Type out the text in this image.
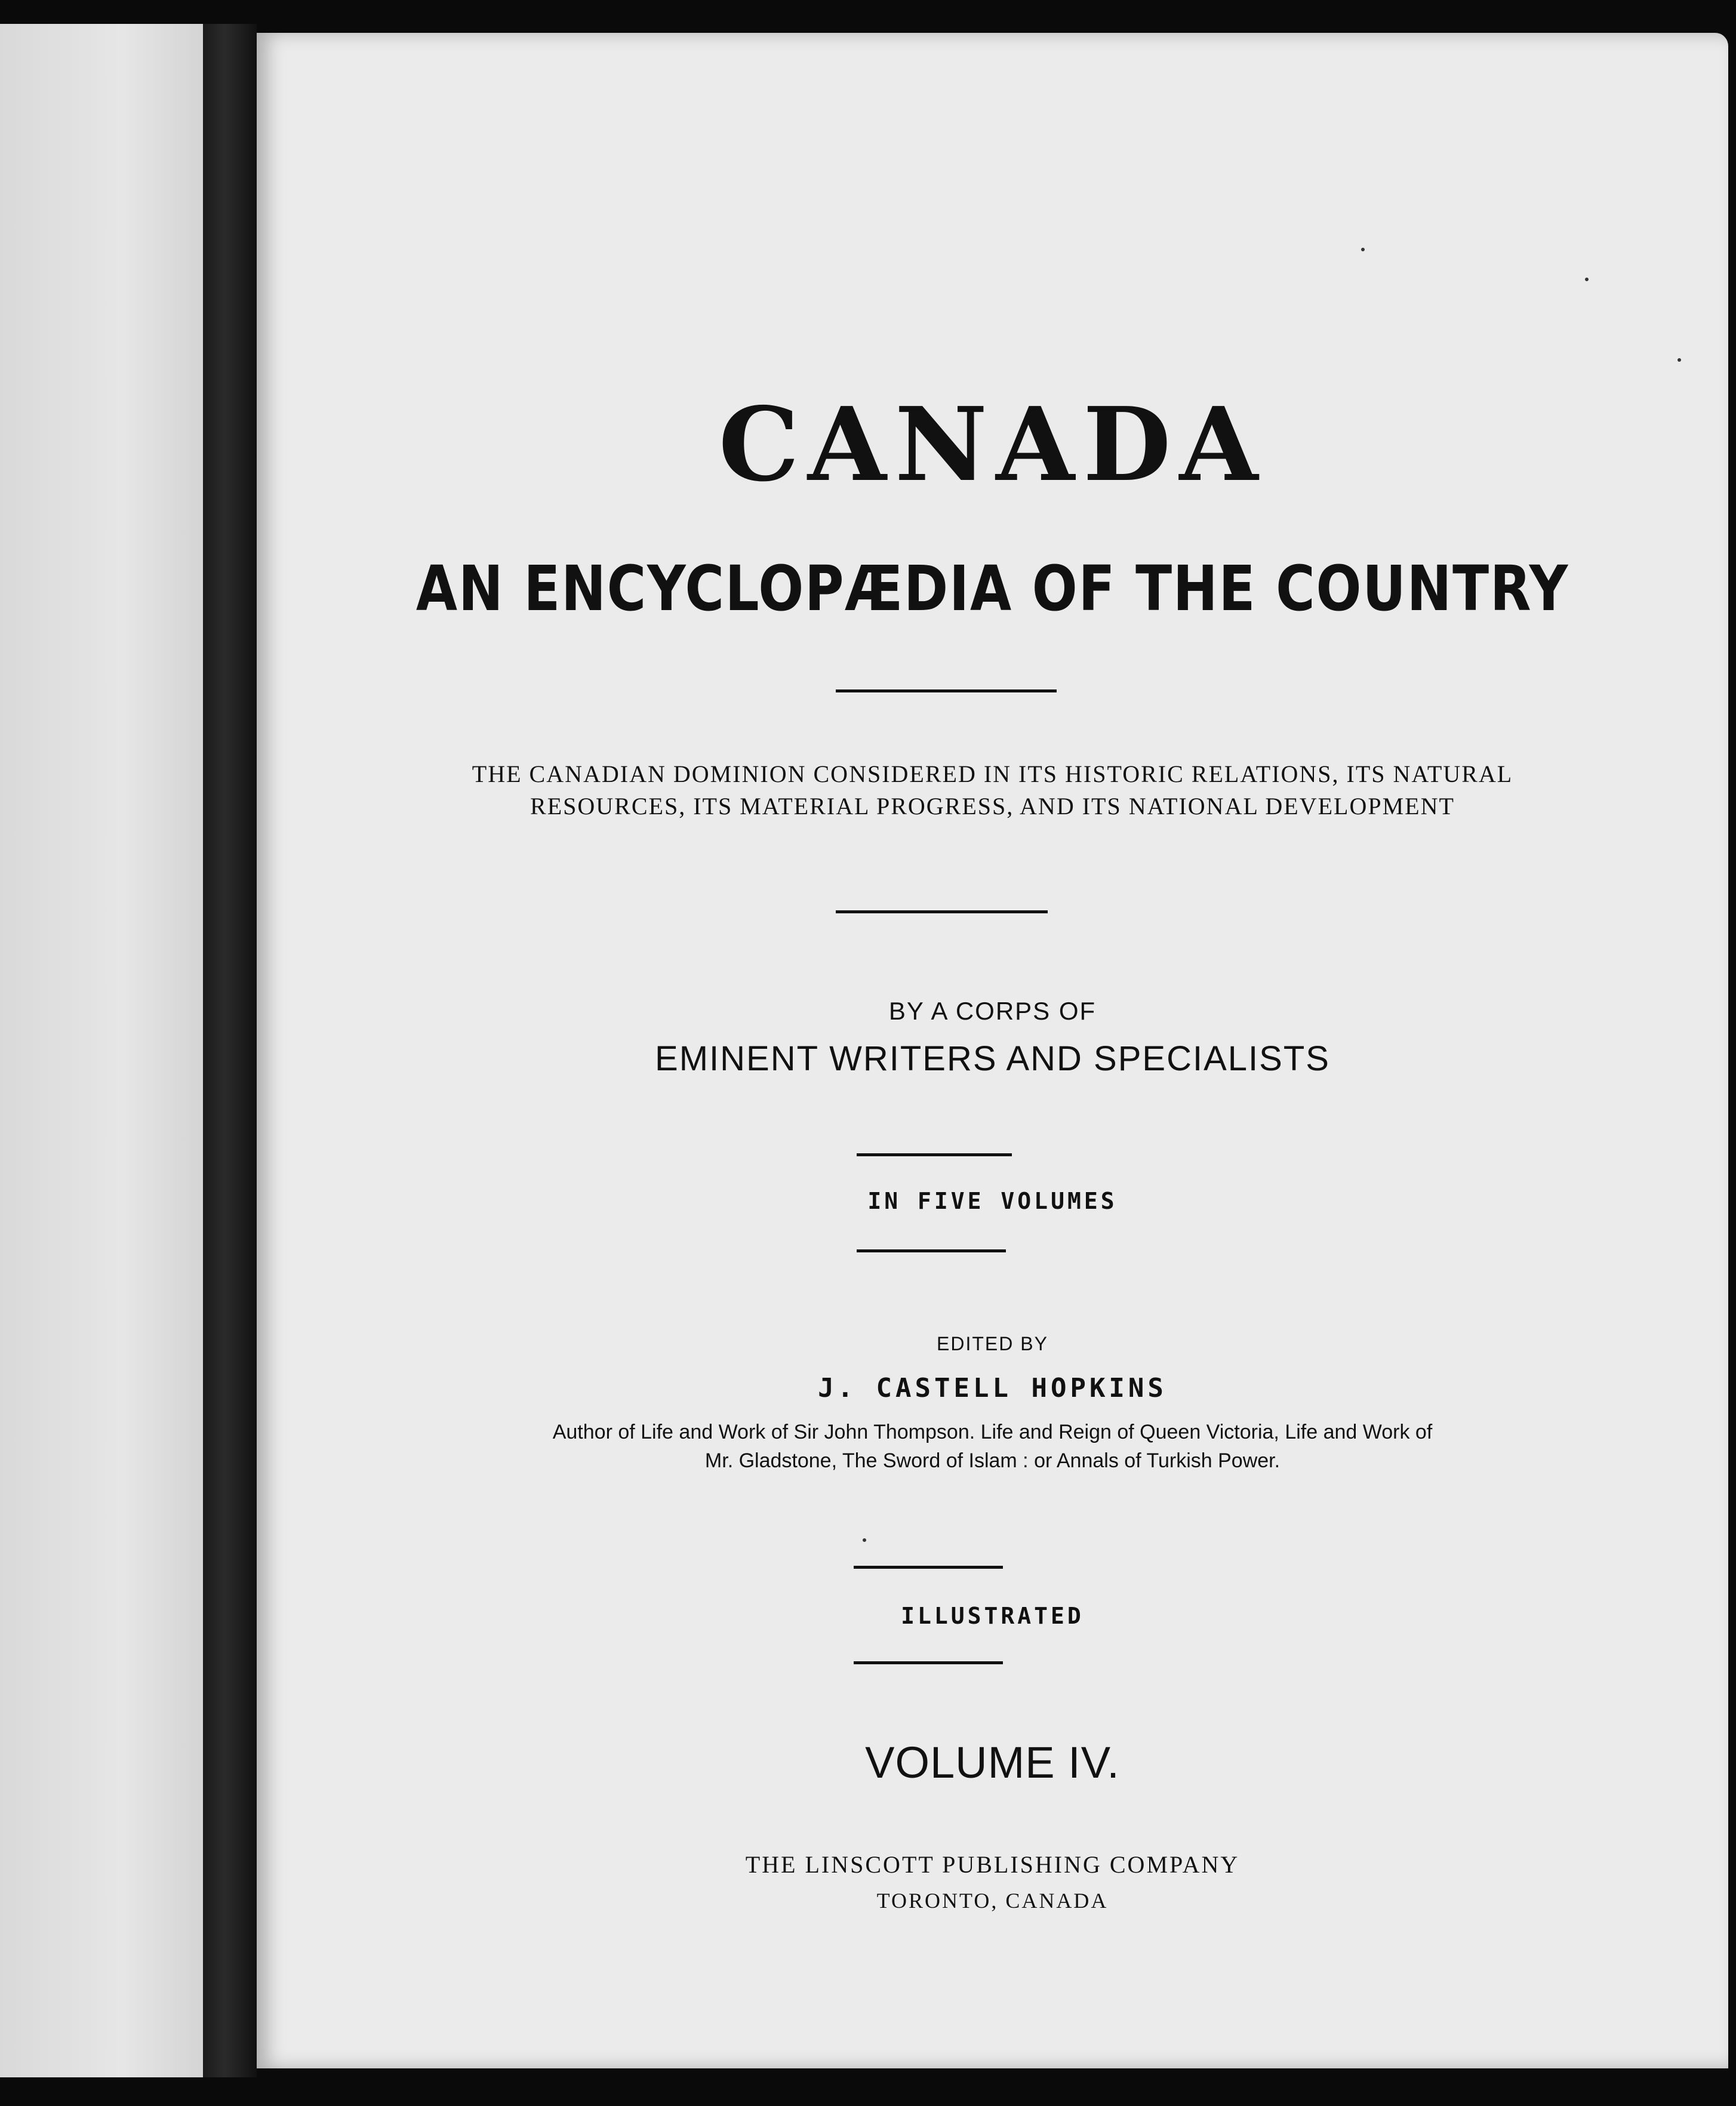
CANADA
AN ENCYCLOPÆDIA OF THE COUNTRY
THE CANADIAN DOMINION CONSIDERED IN ITS HISTORIC RELATIONS, ITS NATURAL
RESOURCES, ITS MATERIAL PROGRESS, AND ITS NATIONAL DEVELOPMENT
BY A CORPS OF
EMINENT WRITERS AND SPECIALISTS
IN FIVE VOLUMES
EDITED BY
J. CASTELL HOPKINS
Author of Life and Work of Sir John Thompson. Life and Reign of Queen Victoria, Life and Work of
Mr. Gladstone, The Sword of Islam : or Annals of Turkish Power.
ILLUSTRATED
VOLUME IV.
THE LINSCOTT PUBLISHING COMPANY
TORONTO, CANADA
